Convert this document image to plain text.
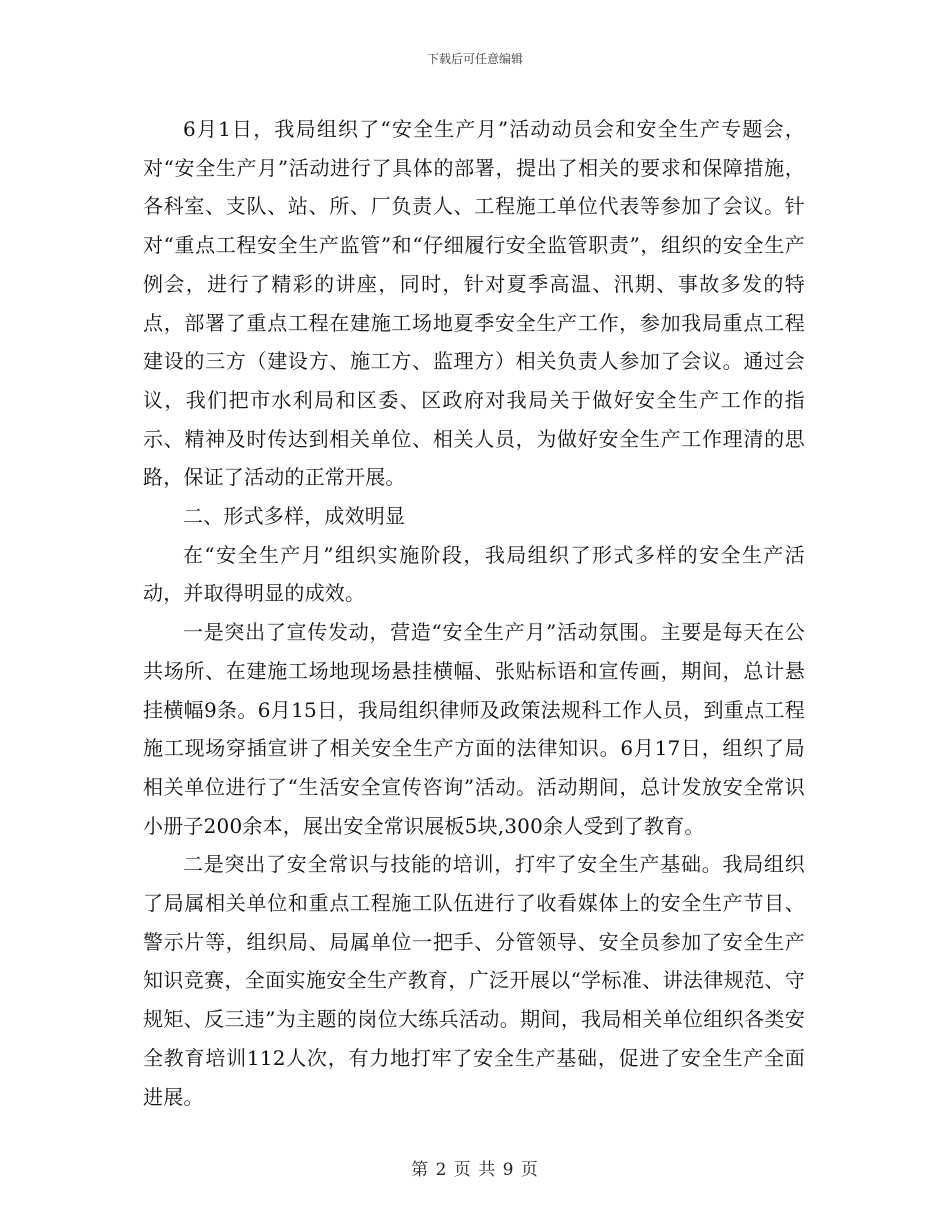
下载后可任意编辑

6月1日，我局组织了“安全生产月”活动动员会和安全生产专题会，对“安全生产月”活动进行了具体的部署，提出了相关的要求和保障措施，各科室、支队、站、所、厂负责人、工程施工单位代表等参加了会议。针对“重点工程安全生产监管”和“仔细履行安全监管职责”，组织的安全生产例会，进行了精彩的讲座，同时，针对夏季高温、汛期、事故多发的特点，部署了重点工程在建施工场地夏季安全生产工作，参加我局重点工程建设的三方（建设方、施工方、监理方）相关负责人参加了会议。通过会议，我们把市水利局和区委、区政府对我局关于做好安全生产工作的指示、精神及时传达到相关单位、相关人员，为做好安全生产工作理清的思路，保证了活动的正常开展。

二、形式多样，成效明显

在“安全生产月”组织实施阶段，我局组织了形式多样的安全生产活动，并取得明显的成效。

一是突出了宣传发动，营造“安全生产月”活动氛围。主要是每天在公共场所、在建施工场地现场悬挂横幅、张贴标语和宣传画，期间，总计悬挂横幅9条。6月15日，我局组织律师及政策法规科工作人员，到重点工程施工现场穿插宣讲了相关安全生产方面的法律知识。6月17日，组织了局相关单位进行了“生活安全宣传咨询”活动。活动期间，总计发放安全常识小册子200余本，展出安全常识展板5块,300余人受到了教育。

二是突出了安全常识与技能的培训，打牢了安全生产基础。我局组织了局属相关单位和重点工程施工队伍进行了收看媒体上的安全生产节目、警示片等，组织局、局属单位一把手、分管领导、安全员参加了安全生产知识竞赛，全面实施安全生产教育，广泛开展以“学标准、讲法律规范、守规矩、反三违”为主题的岗位大练兵活动。期间，我局相关单位组织各类安全教育培训112人次，有力地打牢了安全生产基础，促进了安全生产全面进展。

第 2 页 共 9 页
